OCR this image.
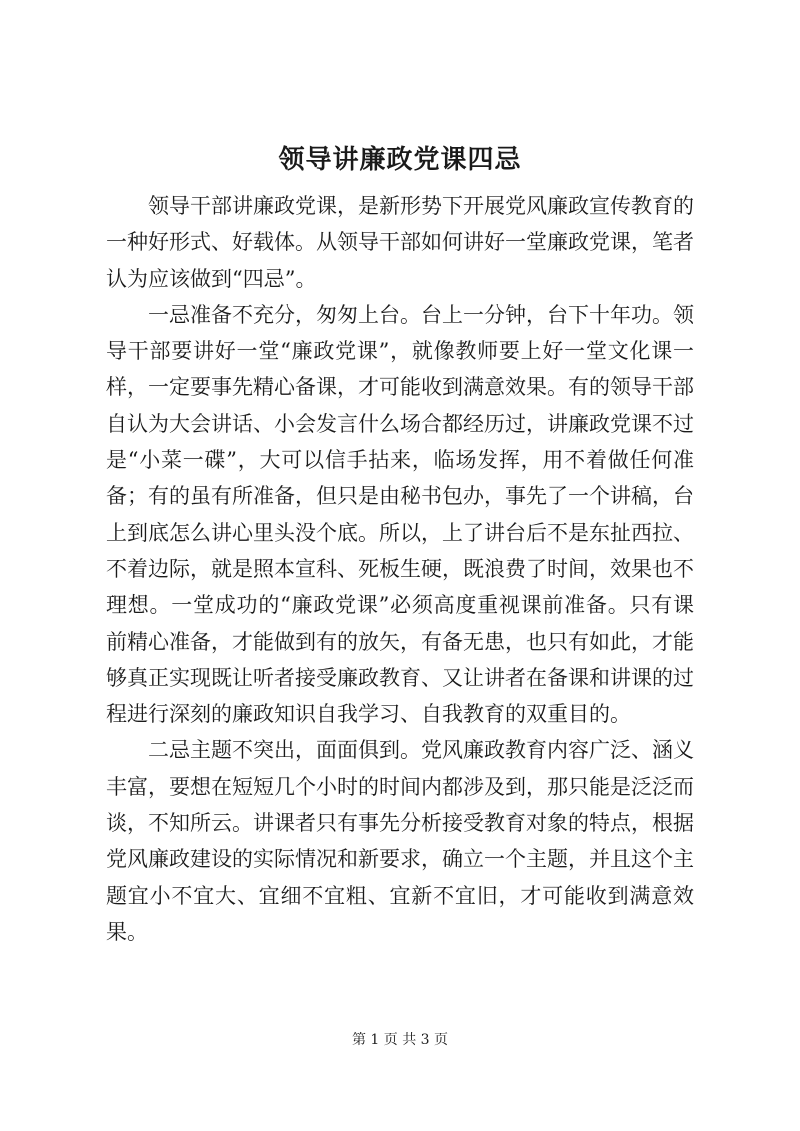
领导讲廉政党课四忌

领导干部讲廉政党课，是新形势下开展党风廉政宣传教育的一种好形式、好载体。从领导干部如何讲好一堂廉政党课，笔者认为应该做到“四忌”。

一忌准备不充分，匆匆上台。台上一分钟，台下十年功。领导干部要讲好一堂“廉政党课”，就像教师要上好一堂文化课一样，一定要事先精心备课，才可能收到满意效果。有的领导干部自认为大会讲话、小会发言什么场合都经历过，讲廉政党课不过是“小菜一碟”，大可以信手拈来，临场发挥，用不着做任何准备；有的虽有所准备，但只是由秘书包办，事先了一个讲稿，台上到底怎么讲心里头没个底。所以，上了讲台后不是东扯西拉、不着边际，就是照本宣科、死板生硬，既浪费了时间，效果也不理想。一堂成功的“廉政党课”必须高度重视课前准备。只有课前精心准备，才能做到有的放矢，有备无患，也只有如此，才能够真正实现既让听者接受廉政教育、又让讲者在备课和讲课的过程进行深刻的廉政知识自我学习、自我教育的双重目的。

二忌主题不突出，面面俱到。党风廉政教育内容广泛、涵义丰富，要想在短短几个小时的时间内都涉及到，那只能是泛泛而谈，不知所云。讲课者只有事先分析接受教育对象的特点，根据党风廉政建设的实际情况和新要求，确立一个主题，并且这个主题宜小不宜大、宜细不宜粗、宜新不宜旧，才可能收到满意效果。

第 1 页 共 3 页
